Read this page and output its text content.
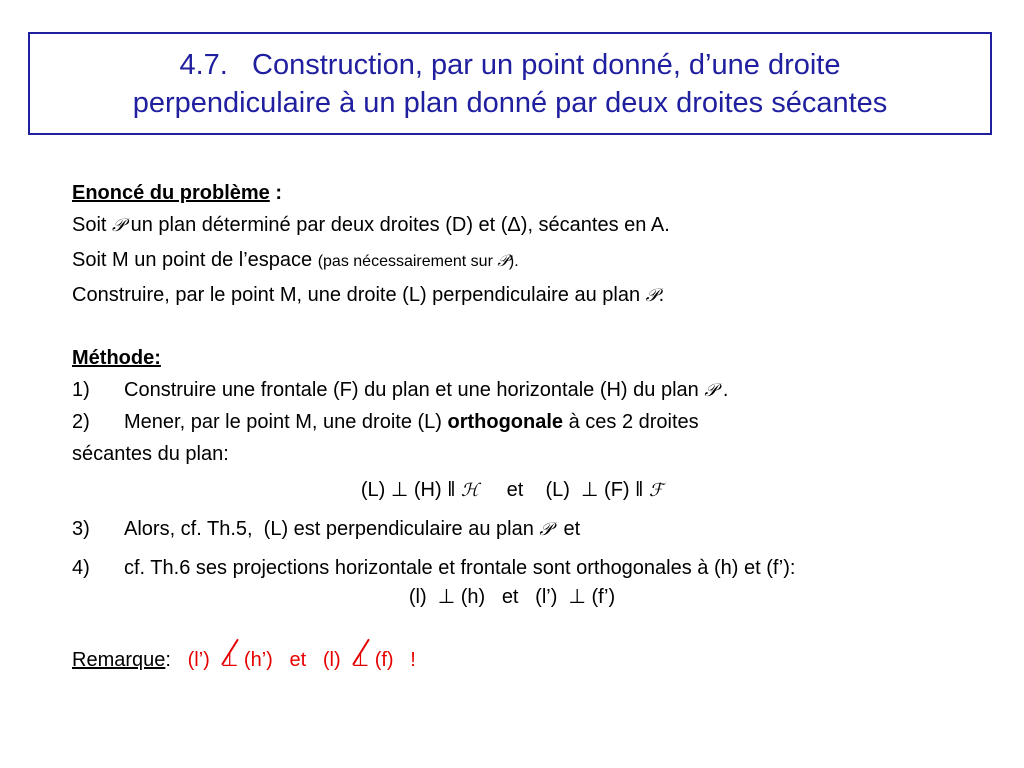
4.7. Construction, par un point donné, d’une droite
perpendiculaire à un plan donné par deux droites sécantes
Enoncé du problème :
Soit 𝒫 un plan déterminé par deux droites (D) et (Δ), sécantes en A.
Soit M un point de l’espace (pas nécessairement sur 𝒫).
Construire, par le point M, une droite (L) perpendiculaire au plan 𝒫.
Méthode:
1) Construire une frontale (F) du plan et une horizontale (H) du plan 𝒫 .
2) Mener, par le point M, une droite (L) orthogonale à ces 2 droites
sécantes du plan:
(L) ⊥ (H) ‖ ℋ     et    (L)  ⊥ (F) ‖ ℱ
3) Alors, cf. Th.5,  (L) est perpendiculaire au plan 𝒫  et
4) cf. Th.6 ses projections horizontale et frontale sont orthogonales à (h) et (f’):
(l)  ⊥ (h)   et   (l’)  ⊥ (f’)
Remarque: (l’)  ⊥
(h’)   et   (l)  ⊥
(f)   !
